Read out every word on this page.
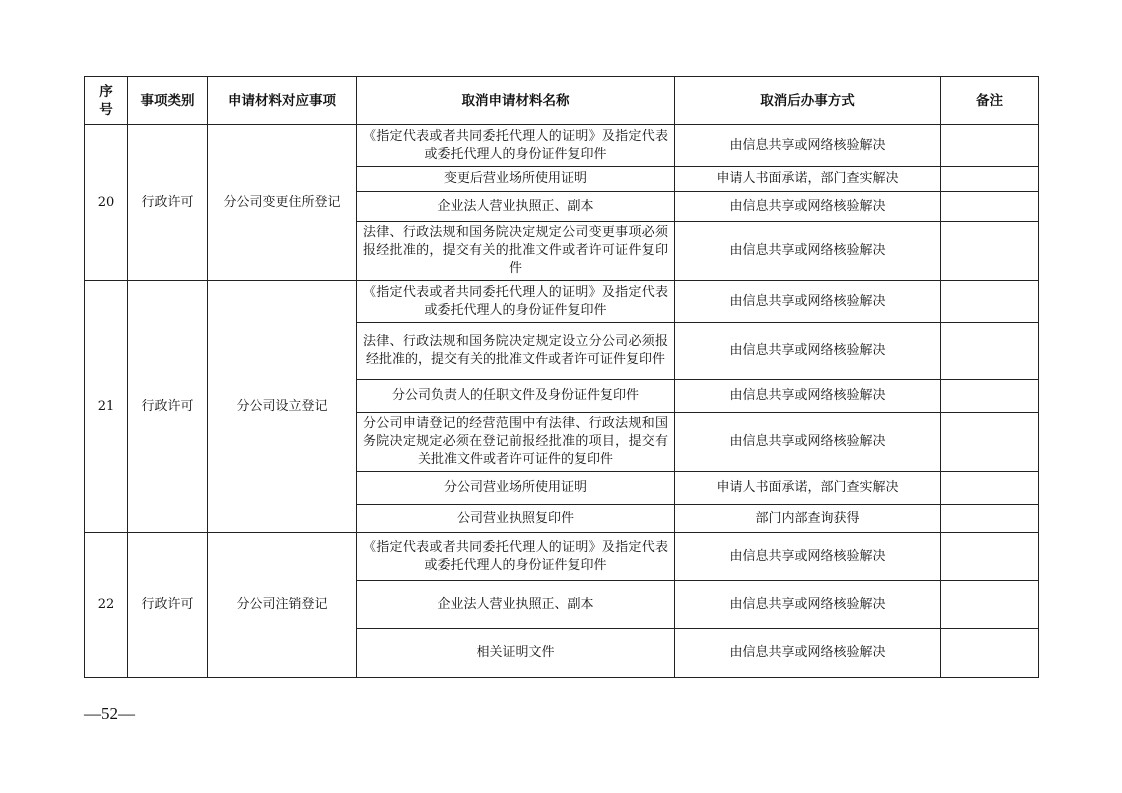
序号	事项类别	申请材料对应事项	取消申请材料名称	取消后办事方式	备注
20	行政许可	分公司变更住所登记	《指定代表或者共同委托代理人的证明》及指定代表或委托代理人的身份证件复印件	由信息共享或网络核验解决	
			变更后营业场所使用证明	申请人书面承诺，部门查实解决	
			企业法人营业执照正、副本	由信息共享或网络核验解决	
			法律、行政法规和国务院决定规定公司变更事项必须报经批准的，提交有关的批准文件或者许可证件复印件	由信息共享或网络核验解决	
21	行政许可	分公司设立登记	《指定代表或者共同委托代理人的证明》及指定代表或委托代理人的身份证件复印件	由信息共享或网络核验解决	
			法律、行政法规和国务院决定规定设立分公司必须报经批准的，提交有关的批准文件或者许可证件复印件	由信息共享或网络核验解决	
			分公司负责人的任职文件及身份证件复印件	由信息共享或网络核验解决	
			分公司申请登记的经营范围中有法律、行政法规和国务院决定规定必须在登记前报经批准的项目，提交有关批准文件或者许可证件的复印件	由信息共享或网络核验解决	
			分公司营业场所使用证明	申请人书面承诺，部门查实解决	
			公司营业执照复印件	部门内部查询获得	
22	行政许可	分公司注销登记	《指定代表或者共同委托代理人的证明》及指定代表或委托代理人的身份证件复印件	由信息共享或网络核验解决	
			企业法人营业执照正、副本	由信息共享或网络核验解决	
			相关证明文件	由信息共享或网络核验解决	
—52—
